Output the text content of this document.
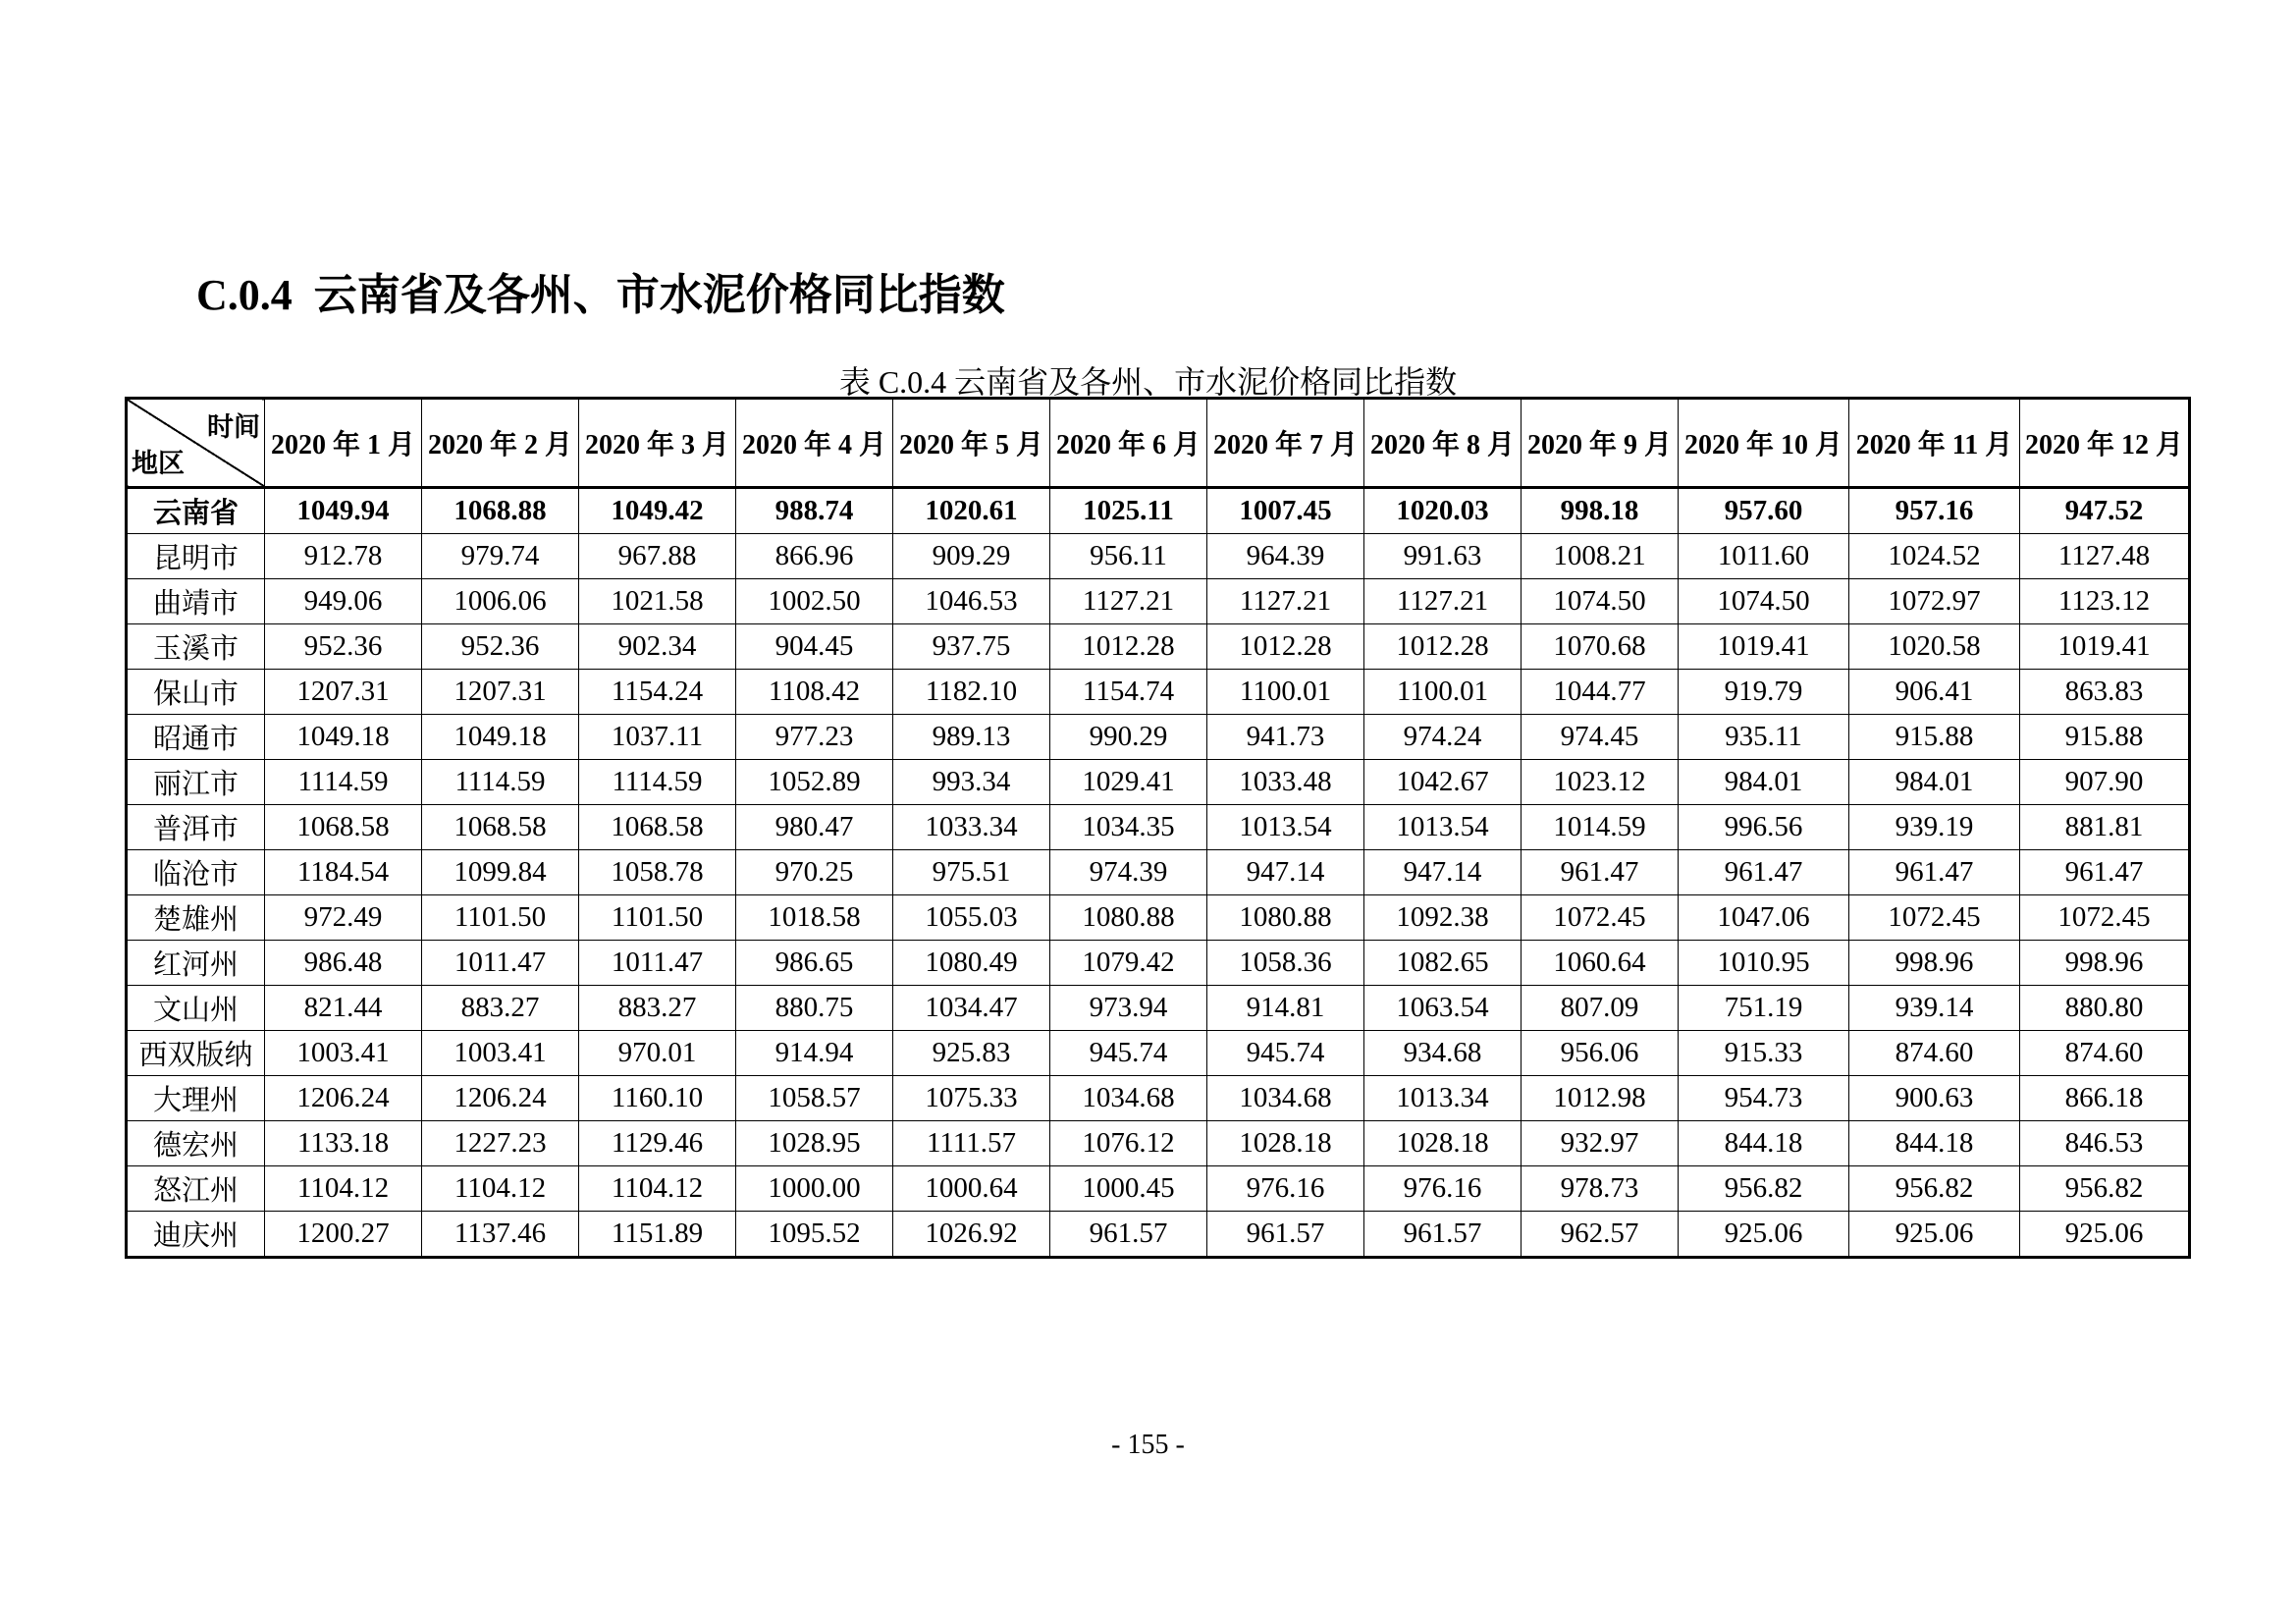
C.0.4 云南省及各州、市水泥价格同比指数
表 C.0.4 云南省及各州、市水泥价格同比指数
时间
地区	2020 年 1 月	2020 年 2 月	2020 年 3 月	2020 年 4 月	2020 年 5 月	2020 年 6 月	2020 年 7 月	2020 年 8 月	2020 年 9 月	2020 年 10 月	2020 年 11 月	2020 年 12 月
云南省	1049.94	1068.88	1049.42	988.74	1020.61	1025.11	1007.45	1020.03	998.18	957.60	957.16	947.52
昆明市	912.78	979.74	967.88	866.96	909.29	956.11	964.39	991.63	1008.21	1011.60	1024.52	1127.48
曲靖市	949.06	1006.06	1021.58	1002.50	1046.53	1127.21	1127.21	1127.21	1074.50	1074.50	1072.97	1123.12
玉溪市	952.36	952.36	902.34	904.45	937.75	1012.28	1012.28	1012.28	1070.68	1019.41	1020.58	1019.41
保山市	1207.31	1207.31	1154.24	1108.42	1182.10	1154.74	1100.01	1100.01	1044.77	919.79	906.41	863.83
昭通市	1049.18	1049.18	1037.11	977.23	989.13	990.29	941.73	974.24	974.45	935.11	915.88	915.88
丽江市	1114.59	1114.59	1114.59	1052.89	993.34	1029.41	1033.48	1042.67	1023.12	984.01	984.01	907.90
普洱市	1068.58	1068.58	1068.58	980.47	1033.34	1034.35	1013.54	1013.54	1014.59	996.56	939.19	881.81
临沧市	1184.54	1099.84	1058.78	970.25	975.51	974.39	947.14	947.14	961.47	961.47	961.47	961.47
楚雄州	972.49	1101.50	1101.50	1018.58	1055.03	1080.88	1080.88	1092.38	1072.45	1047.06	1072.45	1072.45
红河州	986.48	1011.47	1011.47	986.65	1080.49	1079.42	1058.36	1082.65	1060.64	1010.95	998.96	998.96
文山州	821.44	883.27	883.27	880.75	1034.47	973.94	914.81	1063.54	807.09	751.19	939.14	880.80
西双版纳	1003.41	1003.41	970.01	914.94	925.83	945.74	945.74	934.68	956.06	915.33	874.60	874.60
大理州	1206.24	1206.24	1160.10	1058.57	1075.33	1034.68	1034.68	1013.34	1012.98	954.73	900.63	866.18
德宏州	1133.18	1227.23	1129.46	1028.95	1111.57	1076.12	1028.18	1028.18	932.97	844.18	844.18	846.53
怒江州	1104.12	1104.12	1104.12	1000.00	1000.64	1000.45	976.16	976.16	978.73	956.82	956.82	956.82
迪庆州	1200.27	1137.46	1151.89	1095.52	1026.92	961.57	961.57	961.57	962.57	925.06	925.06	925.06
- 155 -
